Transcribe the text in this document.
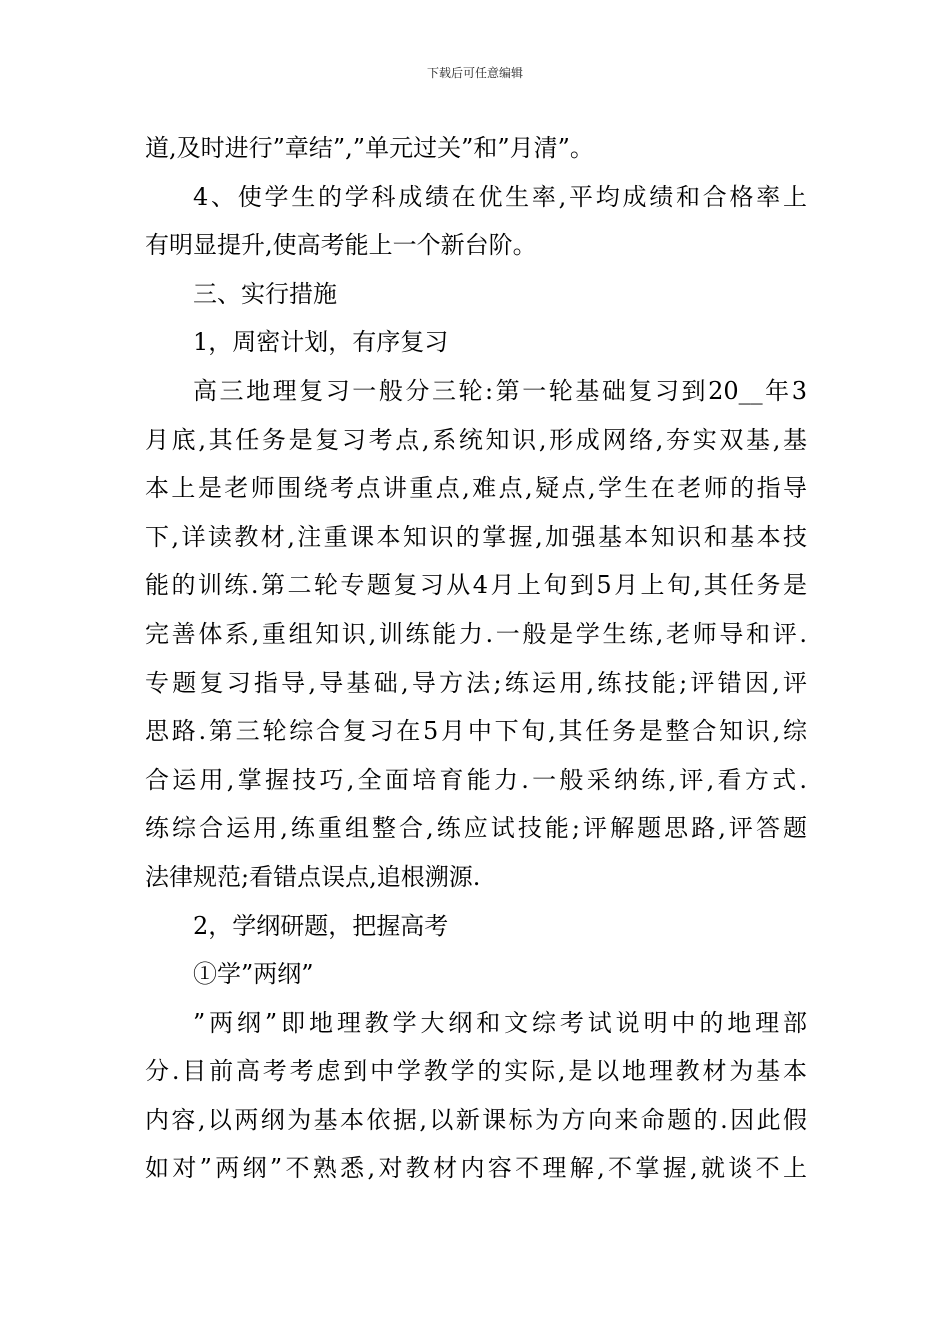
下载后可任意编辑
道,及时进行”章结”,”单元过关”和”月清”。
4、使学生的学科成绩在优生率,平均成绩和合格率上
有明显提升,使高考能上一个新台阶。
三、实行措施
1，周密计划，有序复习
高三地理复习一般分三轮:第一轮基础复习到20__年3
月底,其任务是复习考点,系统知识,形成网络,夯实双基,基
本上是老师围绕考点讲重点,难点,疑点,学生在老师的指导
下,详读教材,注重课本知识的掌握,加强基本知识和基本技
能的训练.第二轮专题复习从4月上旬到5月上旬,其任务是
完善体系,重组知识,训练能力.一般是学生练,老师导和评.
专题复习指导,导基础,导方法;练运用,练技能;评错因,评
思路.第三轮综合复习在5月中下旬,其任务是整合知识,综
合运用,掌握技巧,全面培育能力.一般采纳练,评,看方式.
练综合运用,练重组整合,练应试技能;评解题思路,评答题
法律规范;看错点误点,追根溯源.
2，学纲研题，把握高考
①学”两纲”
”两纲”即地理教学大纲和文综考试说明中的地理部
分.目前高考考虑到中学教学的实际,是以地理教材为基本
内容,以两纲为基本依据,以新课标为方向来命题的.因此假
如对”两纲”不熟悉,对教材内容不理解,不掌握,就谈不上
